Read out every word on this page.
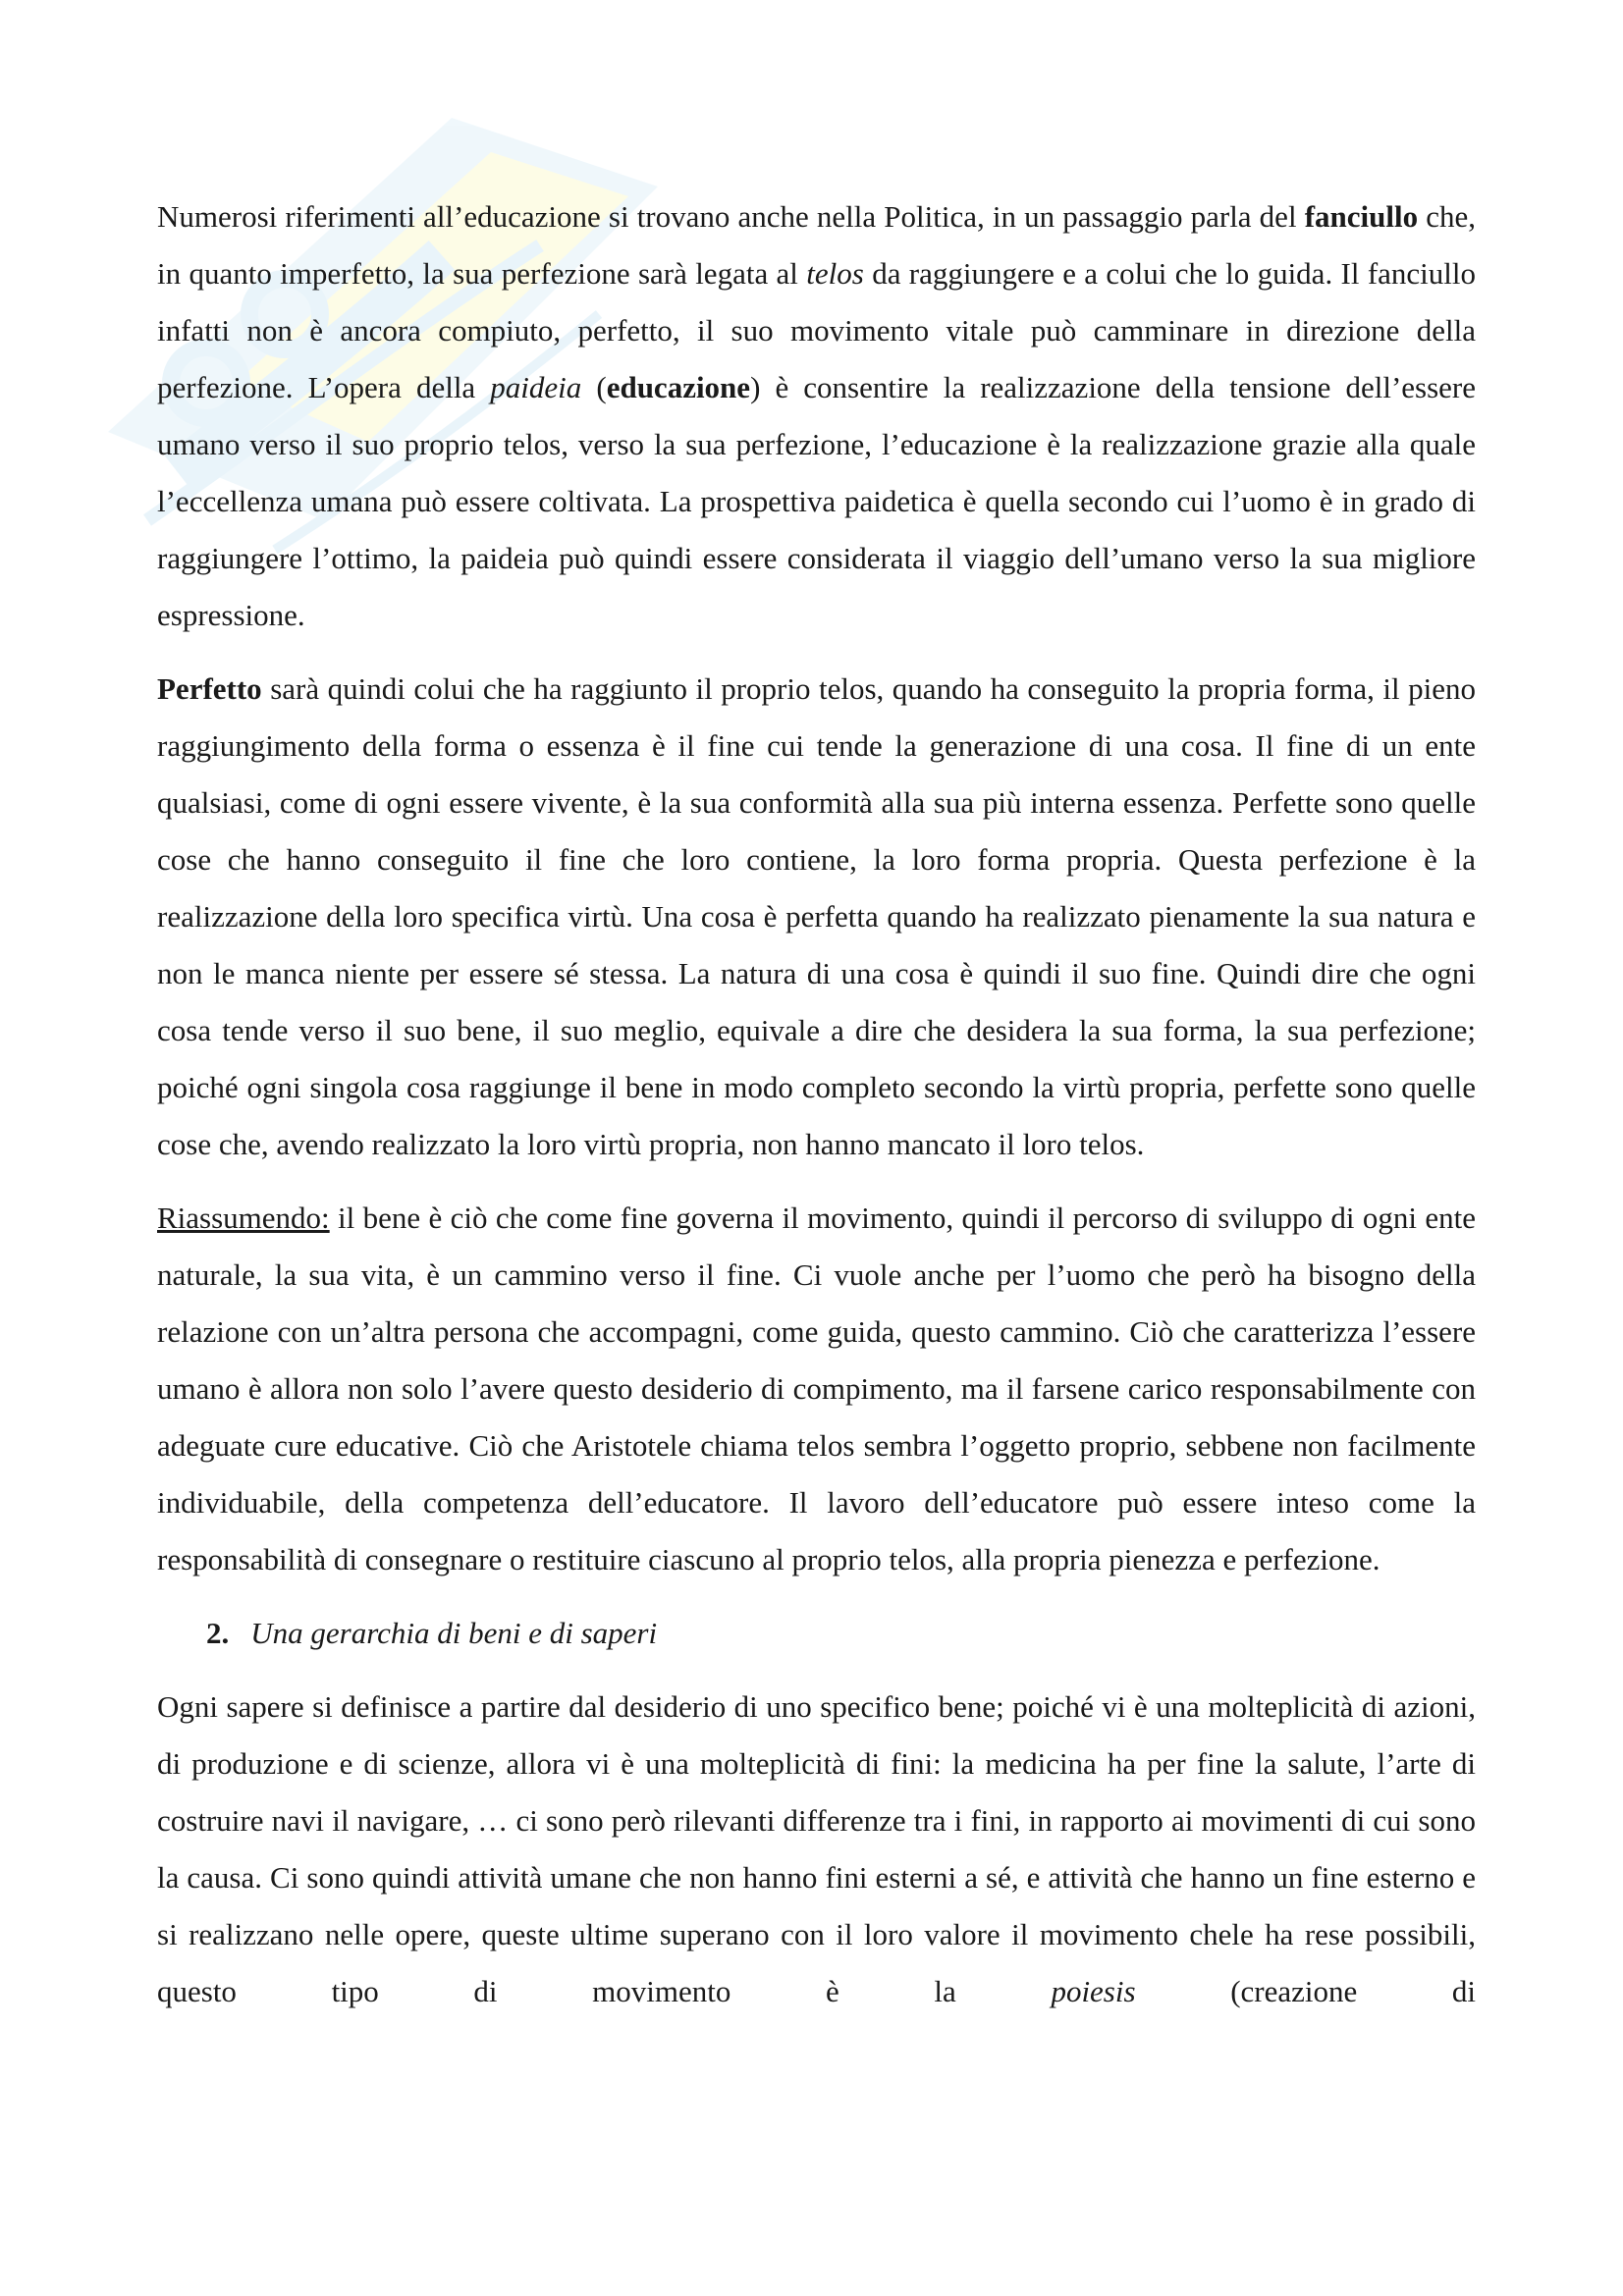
Numerosi riferimenti all’educazione si trovano anche nella Politica, in un passaggio parla del fanciullo che, in quanto imperfetto, la sua perfezione sarà legata al telos da raggiungere e a colui che lo guida. Il fanciullo infatti non è ancora compiuto, perfetto, il suo movimento vitale può camminare in direzione della perfezione. L’opera della paideia (educazione) è consentire la realizzazione della tensione dell’essere umano verso il suo proprio telos, verso la sua perfezione, l’educazione è la realizzazione grazie alla quale l’eccellenza umana può essere coltivata. La prospettiva paidetica è quella secondo cui l’uomo è in grado di raggiungere l’ottimo, la paideia può quindi essere considerata il viaggio dell’umano verso la sua migliore espressione.

Perfetto sarà quindi colui che ha raggiunto il proprio telos, quando ha conseguito la propria forma, il pieno raggiungimento della forma o essenza è il fine cui tende la generazione di una cosa. Il fine di un ente qualsiasi, come di ogni essere vivente, è la sua conformità alla sua più interna essenza. Perfette sono quelle cose che hanno conseguito il fine che loro contiene, la loro forma propria. Questa perfezione è la realizzazione della loro specifica virtù. Una cosa è perfetta quando ha realizzato pienamente la sua natura e non le manca niente per essere sé stessa. La natura di una cosa è quindi il suo fine. Quindi dire che ogni cosa tende verso il suo bene, il suo meglio, equivale a dire che desidera la sua forma, la sua perfezione; poiché ogni singola cosa raggiunge il bene in modo completo secondo la virtù propria, perfette sono quelle cose che, avendo realizzato la loro virtù propria, non hanno mancato il loro telos.

Riassumendo: il bene è ciò che come fine governa il movimento, quindi il percorso di sviluppo di ogni ente naturale, la sua vita, è un cammino verso il fine. Ci vuole anche per l’uomo che però ha bisogno della relazione con un’altra persona che accompagni, come guida, questo cammino. Ciò che caratterizza l’essere umano è allora non solo l’avere questo desiderio di compimento, ma il farsene carico responsabilmente con adeguate cure educative. Ciò che Aristotele chiama telos sembra l’oggetto proprio, sebbene non facilmente individuabile, della competenza dell’educatore. Il lavoro dell’educatore può essere inteso come la responsabilità di consegnare o restituire ciascuno al proprio telos, alla propria pienezza e perfezione.

2. Una gerarchia di beni e di saperi

Ogni sapere si definisce a partire dal desiderio di uno specifico bene; poiché vi è una molteplicità di azioni, di produzione e di scienze, allora vi è una molteplicità di fini: la medicina ha per fine la salute, l’arte di costruire navi il navigare, … ci sono però rilevanti differenze tra i fini, in rapporto ai movimenti di cui sono la causa. Ci sono quindi attività umane che non hanno fini esterni a sé, e attività che hanno un fine esterno e si realizzano nelle opere, queste ultime superano con il loro valore il movimento chele ha rese possibili, questo tipo di movimento è la poiesis (creazione di
